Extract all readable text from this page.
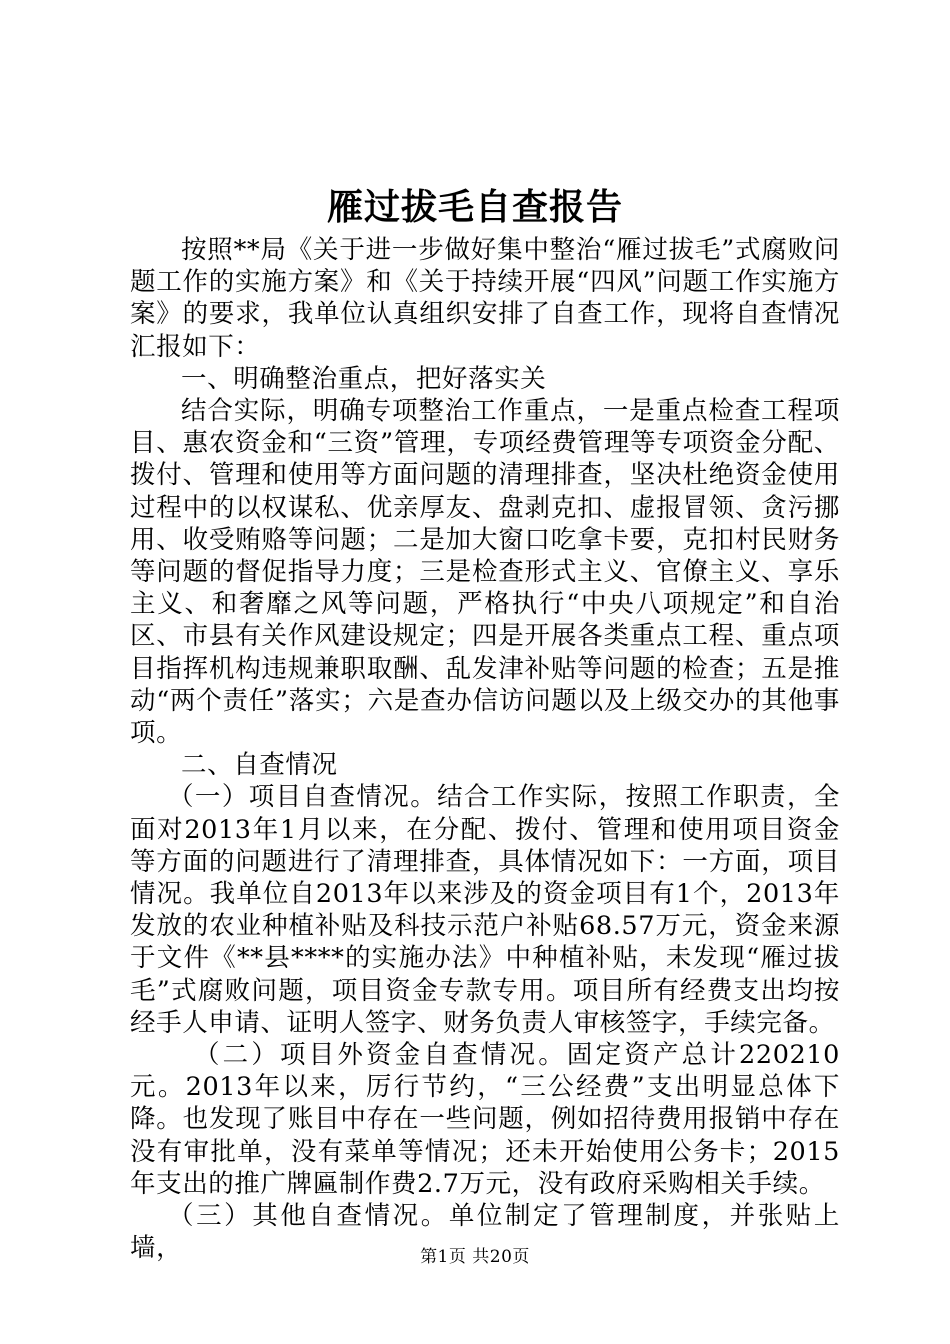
雁过拔毛自查报告

按照**局《关于进一步做好集中整治“雁过拔毛”式腐败问题工作的实施方案》和《关于持续开展“四风”问题工作实施方案》的要求，我单位认真组织安排了自查工作，现将自查情况汇报如下：

一、明确整治重点，把好落实关

结合实际，明确专项整治工作重点，一是重点检查工程项目、惠农资金和“三资”管理，专项经费管理等专项资金分配、拨付、管理和使用等方面问题的清理排查，坚决杜绝资金使用过程中的以权谋私、优亲厚友、盘剥克扣、虚报冒领、贪污挪用、收受贿赂等问题；二是加大窗口吃拿卡要，克扣村民财务等问题的督促指导力度；三是检查形式主义、官僚主义、享乐主义、和奢靡之风等问题，严格执行“中央八项规定”和自治区、市县有关作风建设规定；四是开展各类重点工程、重点项目指挥机构违规兼职取酬、乱发津补贴等问题的检查；五是推动“两个责任”落实；六是查办信访问题以及上级交办的其他事项。

二、自查情况

（一）项目自查情况。结合工作实际，按照工作职责，全面对2013年1月以来，在分配、拨付、管理和使用项目资金等方面的问题进行了清理排查，具体情况如下：一方面，项目情况。我单位自2013年以来涉及的资金项目有1个，2013年发放的农业种植补贴及科技示范户补贴68.57万元，资金来源于文件《**县****的实施办法》中种植补贴，未发现“雁过拔毛”式腐败问题，项目资金专款专用。项目所有经费支出均按经手人申请、证明人签字、财务负责人审核签字，手续完备。

（二）项目外资金自查情况。固定资产总计220210元。2013年以来，厉行节约，“三公经费”支出明显总体下降。也发现了账目中存在一些问题，例如招待费用报销中存在没有审批单，没有菜单等情况；还未开始使用公务卡；2015年支出的推广牌匾制作费2.7万元，没有政府采购相关手续。

（三）其他自查情况。单位制定了管理制度，并张贴上墙，	第1页 共20页
